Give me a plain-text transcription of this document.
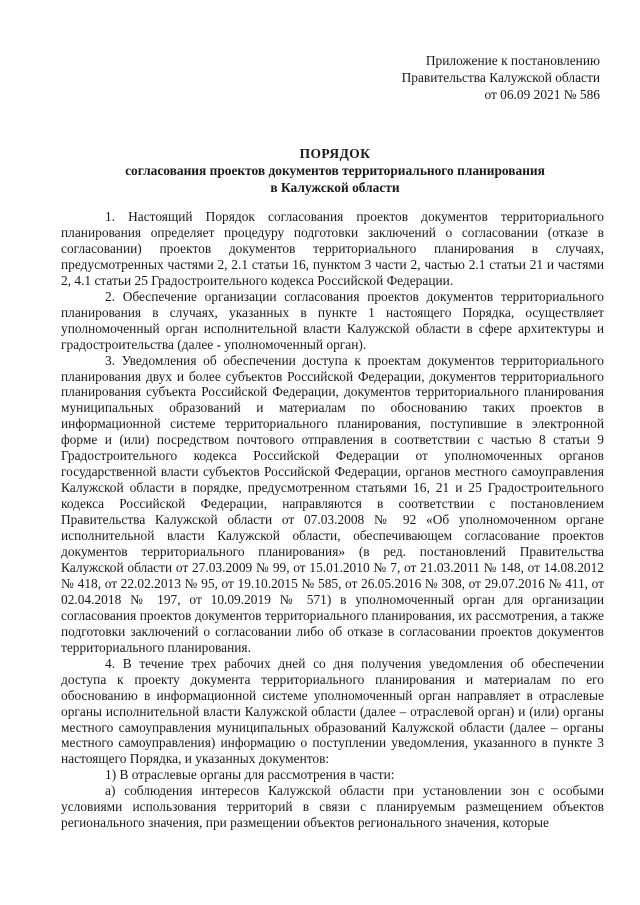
Приложение к постановлению
Правительства Калужской области
от 06.09 2021 № 586
ПОРЯДОК
согласования проектов документов территориального планирования
в Калужской области

1. Настоящий Порядок согласования проектов документов территориального планирования определяет процедуру подготовки заключений о согласовании (отказе в согласовании) проектов документов территориального планирования в случаях, предусмотренных частями 2, 2.1 статьи 16, пунктом 3 части 2, частью 2.1 статьи 21 и частями 2, 4.1 статьи 25 Градостроительного кодекса Российской Федерации.

2. Обеспечение организации согласования проектов документов территориального планирования в случаях, указанных в пункте 1 настоящего Порядка, осуществляет уполномоченный орган исполнительной власти Калужской области в сфере архитектуры и градостроительства (далее - уполномоченный орган).

3. Уведомления об обеспечении доступа к проектам документов территориального планирования двух и более субъектов Российской Федерации, документов территориального планирования субъекта Российской Федерации, документов территориального планирования муниципальных образований и материалам по обоснованию таких проектов в информационной системе территориального планирования, поступившие в электронной форме и (или) посредством почтового отправления в соответствии с частью 8 статьи 9 Градостроительного кодекса Российской Федерации от уполномоченных органов государственной власти субъектов Российской Федерации, органов местного самоуправления Калужской области в порядке, предусмотренном статьями 16, 21 и 25 Градостроительного кодекса Российской Федерации, направляются в соответствии с постановлением Правительства Калужской области от 07.03.2008 № 92 «Об уполномоченном органе исполнительной власти Калужской области, обеспечивающем согласование проектов документов территориального планирования» (в ред. постановлений Правительства Калужской области от 27.03.2009 № 99, от 15.01.2010 № 7, от 21.03.2011 № 148, от 14.08.2012 № 418, от 22.02.2013 № 95, от 19.10.2015 № 585, от 26.05.2016 № 308, от 29.07.2016 № 411, от 02.04.2018 № 197, от 10.09.2019 № 571) в уполномоченный орган для организации согласования проектов документов территориального планирования, их рассмотрения, а также подготовки заключений о согласовании либо об отказе в согласовании проектов документов территориального планирования.

4. В течение трех рабочих дней со дня получения уведомления об обеспечении доступа к проекту документа территориального планирования и материалам по его обоснованию в информационной системе уполномоченный орган направляет в отраслевые органы исполнительной власти Калужской области (далее – отраслевой орган) и (или) органы местного самоуправления муниципальных образований Калужской области (далее – органы местного самоуправления) информацию о поступлении уведомления, указанного в пункте 3 настоящего Порядка, и указанных документов:

1) В отраслевые органы для рассмотрения в части:

а) соблюдения интересов Калужской области при установлении зон с особыми условиями использования территорий в связи с планируемым размещением объектов регионального значения, при размещении объектов регионального значения, которые
